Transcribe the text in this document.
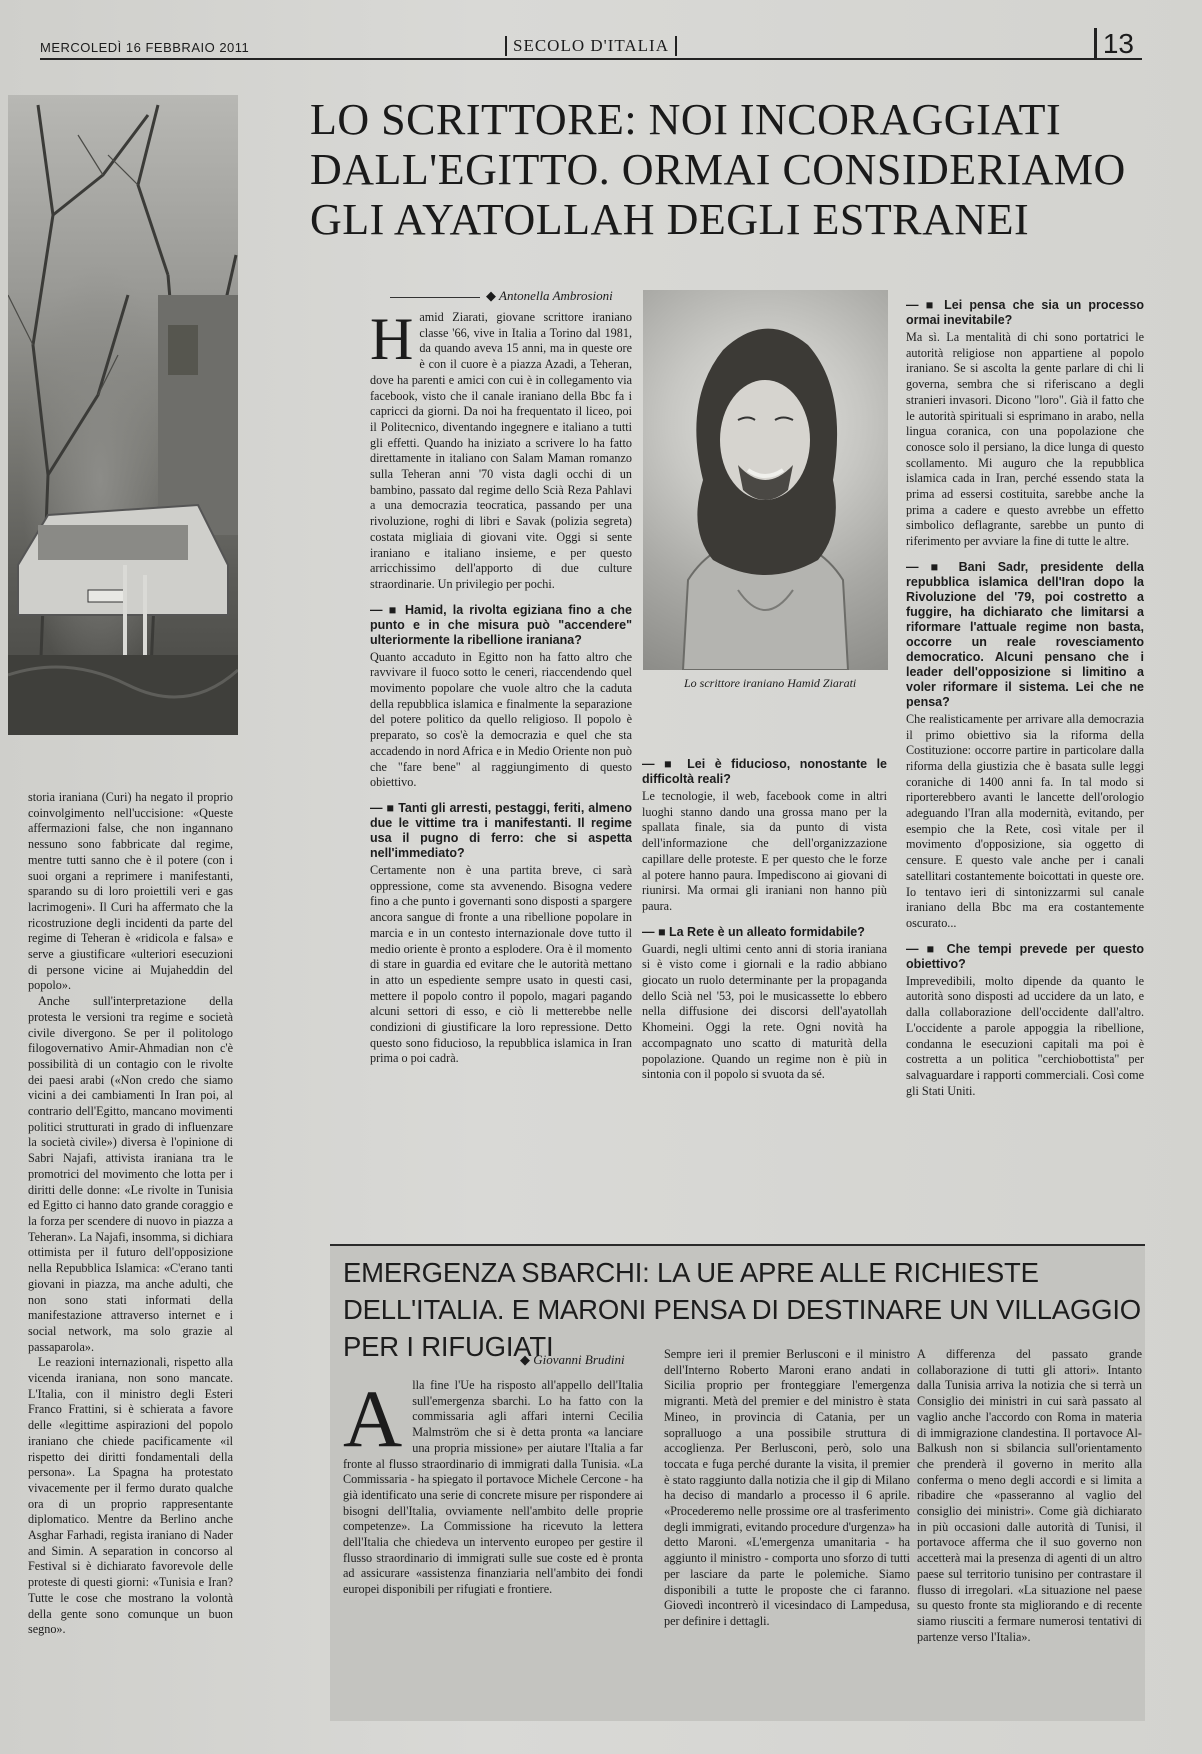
MERCOLEDÌ 16 FEBBRAIO 2011	SECOLO D'ITALIA	13
LO SCRITTORE: NOI INCORAGGIATI DALL'EGITTO. ORMAI CONSIDERIAMO GLI AYATOLLAH DEGLI ESTRANEI
◆ Antonella Ambrosioni

Hamid Ziarati, giovane scrittore iraniano classe '66, vive in Italia a Torino dal 1981, da quando aveva 15 anni, ma in queste ore è con il cuore è a piazza Azadi, a Teheran, dove ha parenti e amici con cui è in collegamento via facebook, visto che il canale iraniano della Bbc fa i capricci da giorni. Da noi ha frequentato il liceo, poi il Politecnico, diventando ingegnere e italiano a tutti gli effetti. Quando ha iniziato a scrivere lo ha fatto direttamente in italiano con Salam Maman romanzo sulla Teheran anni '70 vista dagli occhi di un bambino, passato dal regime dello Scià Reza Pahlavi a una democrazia teocratica, passando per una rivoluzione, roghi di libri e Savak (polizia segreta) costata migliaia di giovani vite. Oggi si sente iraniano e italiano insieme, e per questo arricchissimo dell'apporto di due culture straordinarie. Un privilegio per pochi.

— ■ Hamid, la rivolta egiziana fino a che punto e in che misura può "accendere" ulteriormente la ribellione iraniana?

Quanto accaduto in Egitto non ha fatto altro che ravvivare il fuoco sotto le ceneri, riaccendendo quel movimento popolare che vuole altro che la caduta della repubblica islamica e finalmente la separazione del potere politico da quello religioso. Il popolo è preparato, so cos'è la democrazia e quel che sta accadendo in nord Africa e in Medio Oriente non può che "fare bene" al raggiungimento di questo obiettivo.

— ■ Tanti gli arresti, pestaggi, feriti, almeno due le vittime tra i manifestanti. Il regime usa il pugno di ferro: che si aspetta nell'immediato?

Certamente non è una partita breve, ci sarà oppressione, come sta avvenendo. Bisogna vedere fino a che punto i governanti sono disposti a spargere ancora sangue di fronte a una ribellione popolare in marcia e in un contesto internazionale dove tutto il medio oriente è pronto a esplodere. Ora è il momento di stare in guardia ed evitare che le autorità mettano in atto un espediente sempre usato in questi casi, mettere il popolo contro il popolo, magari pagando alcuni settori di esso, e ciò li metterebbe nelle condizioni di giustificare la loro repressione. Detto questo sono fiducioso, la repubblica islamica in Iran prima o poi cadrà.

Lo scrittore iraniano Hamid Ziarati
— ■ Lei è fiducioso, nonostante le difficoltà reali?

Le tecnologie, il web, facebook come in altri luoghi stanno dando una grossa mano per la spallata finale, sia da punto di vista dell'informazione che dell'organizzazione capillare delle proteste. E per questo che le forze al potere hanno paura. Impediscono ai giovani di riunirsi. Ma ormai gli iraniani non hanno più paura.

— ■ La Rete è un alleato formidabile?

Guardi, negli ultimi cento anni di storia iraniana si è visto come i giornali e la radio abbiano giocato un ruolo determinante per la propaganda dello Scià nel '53, poi le musicassette lo ebbero nella diffusione dei discorsi dell'ayatollah Khomeini. Oggi la rete. Ogni novità ha accompagnato uno scatto di maturità della popolazione. Quando un regime non è più in sintonia con il popolo si svuota da sé.

— ■ Lei pensa che sia un processo ormai inevitabile?

Ma sì. La mentalità di chi sono portatrici le autorità religiose non appartiene al popolo iraniano. Se si ascolta la gente parlare di chi li governa, sembra che si riferiscano a degli stranieri invasori. Dicono "loro". Già il fatto che le autorità spirituali si esprimano in arabo, nella lingua coranica, con una popolazione che conosce solo il persiano, la dice lunga di questo scollamento. Mi auguro che la repubblica islamica cada in Iran, perché essendo stata la prima ad essersi costituita, sarebbe anche la prima a cadere e questo avrebbe un effetto simbolico deflagrante, sarebbe un punto di riferimento per avviare la fine di tutte le altre.

— ■ Bani Sadr, presidente della repubblica islamica dell'Iran dopo la Rivoluzione del '79, poi costretto a fuggire, ha dichiarato che limitarsi a riformare l'attuale regime non basta, occorre un reale rovesciamento democratico. Alcuni pensano che i leader dell'opposizione si limitino a voler riformare il sistema. Lei che ne pensa?

Che realisticamente per arrivare alla democrazia il primo obiettivo sia la riforma della Costituzione: occorre partire in particolare dalla riforma della giustizia che è basata sulle leggi coraniche di 1400 anni fa. In tal modo si riporterebbero avanti le lancette dell'orologio adeguando l'Iran alla modernità, evitando, per esempio che la Rete, così vitale per il movimento d'opposizione, sia oggetto di censure. E questo vale anche per i canali satellitari costantemente boicottati in queste ore. Io tentavo ieri di sintonizzarmi sul canale iraniano della Bbc ma era costantemente oscurato...

— ■ Che tempi prevede per questo obiettivo?

Imprevedibili, molto dipende da quanto le autorità sono disposti ad uccidere da un lato, e dalla collaborazione dell'occidente dall'altro. L'occidente a parole appoggia la ribellione, condanna le esecuzioni capitali ma poi è costretta a un politica "cerchiobottista" per salvaguardare i rapporti commerciali. Così come gli Stati Uniti.

storia iraniana (Curi) ha negato il proprio coinvolgimento nell'uccisione: «Queste affermazioni false, che non ingannano nessuno sono fabbricate dal regime, mentre tutti sanno che è il potere (con i suoi organi a reprimere i manifestanti, sparando su di loro proiettili veri e gas lacrimogeni». Il Curi ha affermato che la ricostruzione degli incidenti da parte del regime di Teheran è «ridicola e falsa» e serve a giustificare «ulteriori esecuzioni di persone vicine ai Mujaheddin del popolo».

Anche sull'interpretazione della protesta le versioni tra regime e società civile divergono. Se per il politologo filogovernativo Amir-Ahmadian non c'è possibilità di un contagio con le rivolte dei paesi arabi («Non credo che siamo vicini a dei cambiamenti In Iran poi, al contrario dell'Egitto, mancano movimenti politici strutturati in grado di influenzare la società civile») diversa è l'opinione di Sabri Najafi, attivista iraniana tra le promotrici del movimento che lotta per i diritti delle donne: «Le rivolte in Tunisia ed Egitto ci hanno dato grande coraggio e la forza per scendere di nuovo in piazza a Teheran». La Najafi, insomma, si dichiara ottimista per il futuro dell'opposizione nella Repubblica Islamica: «C'erano tanti giovani in piazza, ma anche adulti, che non sono stati informati della manifestazione attraverso internet e i social network, ma solo grazie al passaparola».

Le reazioni internazionali, rispetto alla vicenda iraniana, non sono mancate. L'Italia, con il ministro degli Esteri Franco Frattini, si è schierata a favore delle «legittime aspirazioni del popolo iraniano che chiede pacificamente «il rispetto dei diritti fondamentali della persona». La Spagna ha protestato vivacemente per il fermo durato qualche ora di un proprio rappresentante diplomatico. Mentre da Berlino anche Asghar Farhadi, regista iraniano di Nader and Simin. A separation in concorso al Festival si è dichiarato favorevole delle proteste di questi giorni: «Tunisia e Iran? Tutte le cose che mostrano la volontà della gente sono comunque un buon segno».

EMERGENZA SBARCHI: LA UE APRE ALLE RICHIESTE DELL'ITALIA. E MARONI PENSA DI DESTINARE UN VILLAGGIO PER I RIFUGIATI
◆ Giovanni Brudini
A lla fine l'Ue ha risposto all'appello dell'Italia sull'emergenza sbarchi. Lo ha fatto con la commissaria agli affari interni Cecilia Malmström che si è detta pronta «a lanciare una propria missione» per aiutare l'Italia a far fronte al flusso straordinario di immigrati dalla Tunisia. «La Commissaria - ha spiegato il portavoce Michele Cercone - ha già identificato una serie di concrete misure per rispondere ai bisogni dell'Italia, ovviamente nell'ambito delle proprie competenze». La Commissione ha ricevuto la lettera dell'Italia che chiedeva un intervento europeo per gestire il flusso straordinario di immigrati sulle sue coste ed è pronta ad assicurare «assistenza finanziaria nell'ambito dei fondi europei disponibili per rifugiati e frontiere.

Sempre ieri il premier Berlusconi e il ministro dell'Interno Roberto Maroni erano andati in Sicilia proprio per fronteggiare l'emergenza migranti. Metà del premier e del ministro è stata Mineo, in provincia di Catania, per un sopralluogo a una possibile struttura di accoglienza. Per Berlusconi, però, solo una toccata e fuga perché durante la visita, il premier è stato raggiunto dalla notizia che il gip di Milano ha deciso di mandarlo a processo il 6 aprile. «Procederemo nelle prossime ore al trasferimento degli immigrati, evitando procedure d'urgenza» ha detto Maroni. «L'emergenza umanitaria - ha aggiunto il ministro - comporta uno sforzo di tutti per lasciare da parte le polemiche. Siamo disponibili a tutte le proposte che ci faranno. Giovedì incontrerò il vicesindaco di Lampedusa, per definire i dettagli.

A differenza del passato grande collaborazione di tutti gli attori». Intanto dalla Tunisia arriva la notizia che si terrà un Consiglio dei ministri in cui sarà passato al vaglio anche l'accordo con Roma in materia di immigrazione clandestina. Il portavoce Al-Balkush non si sbilancia sull'orientamento che prenderà il governo in merito alla conferma o meno degli accordi e si limita a ribadire che «passeranno al vaglio del consiglio dei ministri». Come già dichiarato in più occasioni dalle autorità di Tunisi, il portavoce afferma che il suo governo non accetterà mai la presenza di agenti di un altro paese sul territorio tunisino per contrastare il flusso di irregolari. «La situazione nel paese su questo fronte sta migliorando e di recente siamo riusciti a fermare numerosi tentativi di partenze verso l'Italia».
